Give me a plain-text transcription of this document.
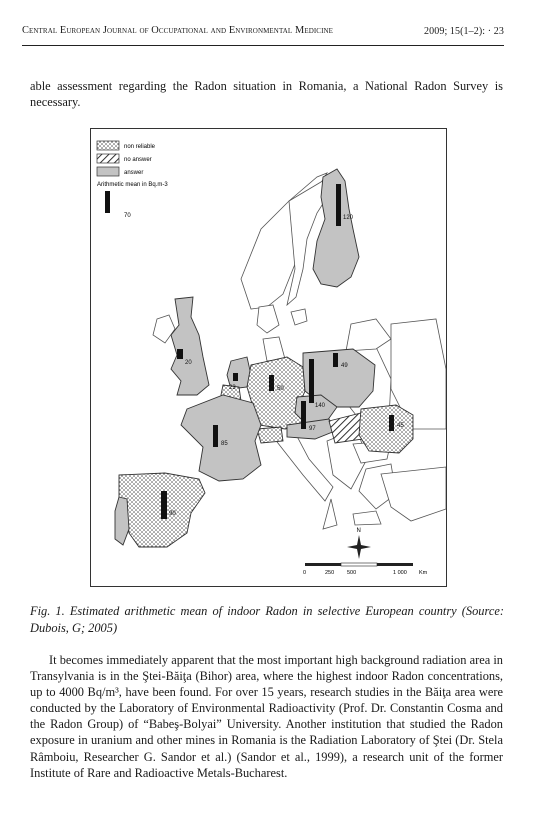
Central European Journal of Occupational and Environmental Medicine	2009; 15(1–2): · 23

able assessment regarding the Radon situation in Romania, a National Radon Survey is necessary.

120
20
23	50
49
140
97	45
85
90
non reliable
no answer
answer
Arithmetic mean in Bq.m-3
70
N
0	250 500	1 000 Km

Fig. 1. Estimated arithmetic mean of indoor Radon in selective European country (Source: Dubois, G; 2005)

It becomes immediately apparent that the most important high background radiation area in Transylvania is in the Ştei-Băiţa (Bihor) area, where the highest indoor Radon concentrations, up to 4000 Bq/m³, have been found. For over 15 years, research studies in the Băiţa area were conducted by the Laboratory of Environmental Radioactivity (Prof. Dr. Constantin Cosma and the Radon Group) of “Babeş-Bolyai” University. Another institution that studied the Radon exposure in uranium and other mines in Romania is the Radiation Laboratory of Ştei (Dr. Stela Râmboiu, Researcher G. Sandor et al.) (Sandor et al., 1999), a research unit of the former Institute of Rare and Radioactive Metals-Bucharest.
